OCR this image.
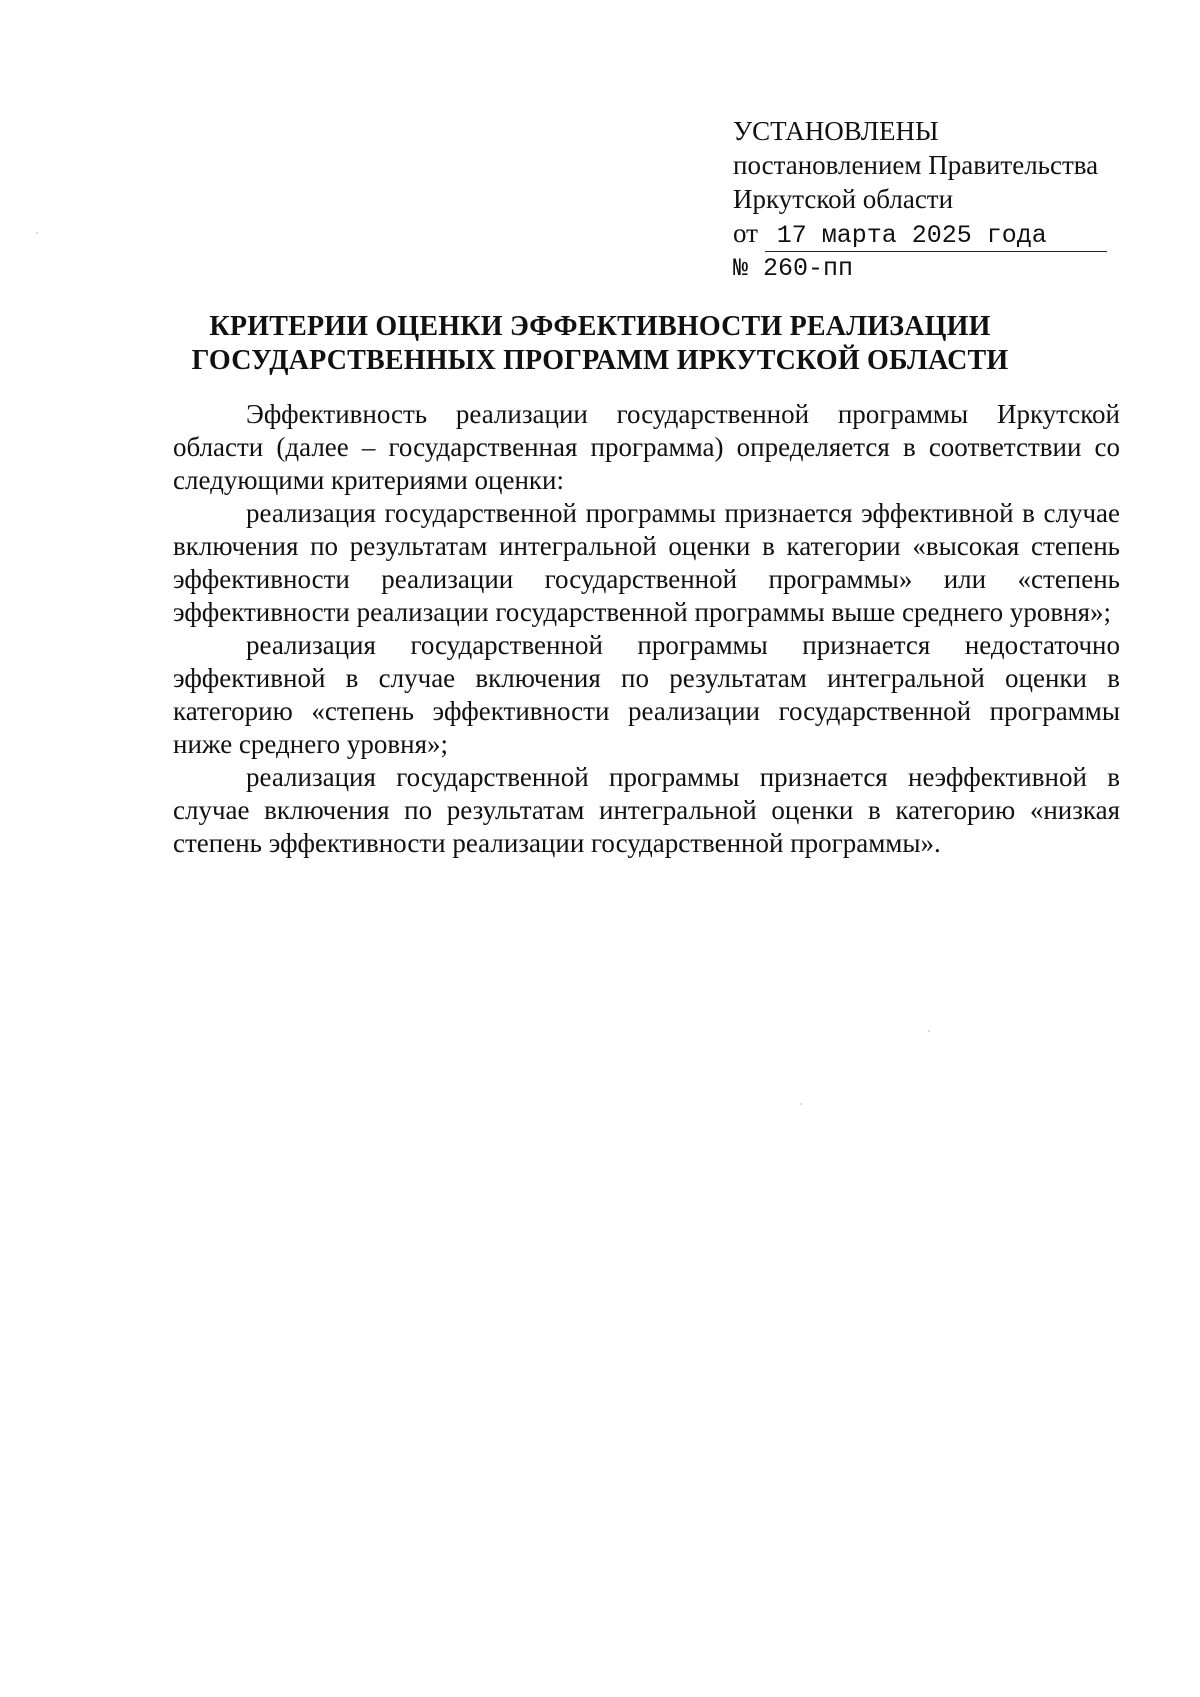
УСТАНОВЛЕНЫ
постановлением Правительства
Иркутской области
от 17 марта 2025 года
№ 260-пп
КРИТЕРИИ ОЦЕНКИ ЭФФЕКТИВНОСТИ РЕАЛИЗАЦИИ
ГОСУДАРСТВЕННЫХ ПРОГРАММ ИРКУТСКОЙ ОБЛАСТИ

Эффективность реализации государственной программы Иркутской области (далее – государственная программа) определяется в соответствии со следующими критериями оценки:

реализация государственной программы признается эффективной в случае включения по результатам интегральной оценки в категории «высокая степень эффективности реализации государственной программы» или «степень эффективности реализации государственной программы выше среднего уровня»;

реализация государственной программы признается недостаточно эффективной в случае включения по результатам интегральной оценки в категорию «степень эффективности реализации государственной программы ниже среднего уровня»;

реализация государственной программы признается неэффективной в случае включения по результатам интегральной оценки в категорию «низкая степень эффективности реализации государственной программы».
